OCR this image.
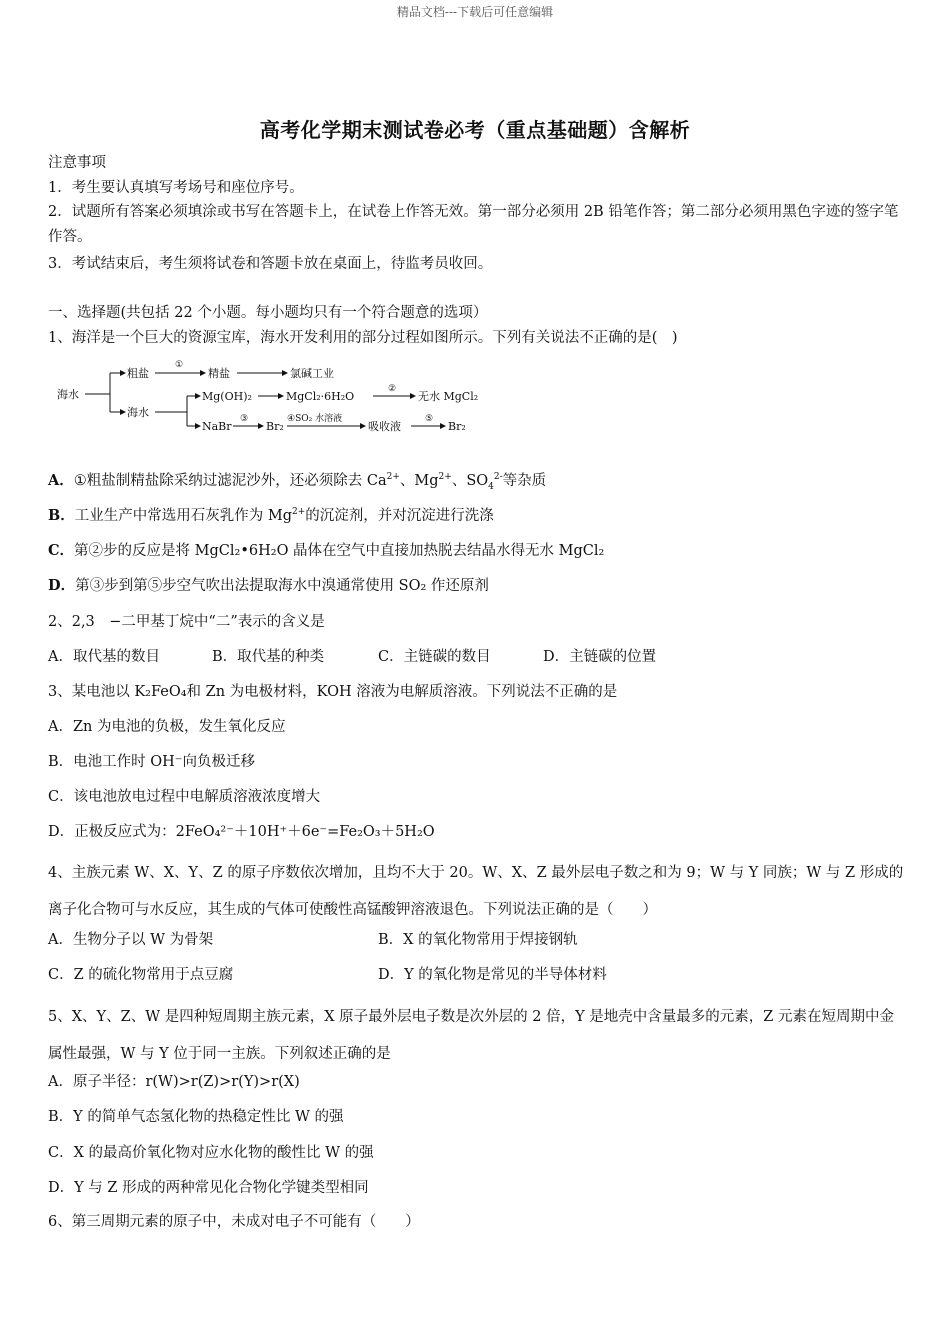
精品文档---下载后可任意编辑
高考化学期末测试卷必考（重点基础题）含解析
注意事项
1．考生要认真填写考场号和座位序号。
2．试题所有答案必须填涂或书写在答题卡上，在试卷上作答无效。第一部分必须用 2B 铅笔作答；第二部分必须用黑色字迹的签字笔作答。
3．考试结束后，考生须将试卷和答题卡放在桌面上，待监考员收回。
一、选择题(共包括 22 个小题。每小题均只有一个符合题意的选项）
1、海洋是一个巨大的资源宝库，海水开发利用的部分过程如图所示。下列有关说法不正确的是(　)
海水
粗盐
①
精盐	氯碱工业
海水
Mg(OH)₂	MgCl₂·6H₂O
②
无水 MgCl₂
NaBr
③
Br₂
④SO₂ 水溶液
吸收液
⑤
Br₂
A．①粗盐制精盐除采纳过滤泥沙外，还必须除去 $Ca^{2+}$、$Mg^{2+}$、$SO_4^{2-}$等杂质
B．工业生产中常选用石灰乳作为 $Mg^{2+}$的沉淀剂，并对沉淀进行洗涤
C．第②步的反应是将 MgCl₂•6H₂O 晶体在空气中直接加热脱去结晶水得无水 MgCl₂
D．第③步到第⑤步空气吹出法提取海水中溴通常使用 SO₂ 作还原剂
2、2,3　−二甲基丁烷中“二”表示的含义是
A．取代基的数目	B．取代基的种类	C．主链碳的数目	D．主链碳的位置
3、某电池以 K₂FeO₄和 Zn 为电极材料，KOH 溶液为电解质溶液。下列说法不正确的是
A．Zn 为电池的负极，发生氧化反应
B．电池工作时 OH⁻向负极迁移
C．该电池放电过程中电解质溶液浓度增大
D．正极反应式为：2FeO₄²⁻＋10H⁺＋6e⁻=Fe₂O₃＋5H₂O
4、主族元素 W、X、Y、Z 的原子序数依次增加，且均不大于 20。W、X、Z 最外层电子数之和为 9；W 与 Y 同族；W 与 Z 形成的离子化合物可与水反应，其生成的气体可使酸性高锰酸钾溶液退色。下列说法正确的是（　　）
A．生物分子以 W 为骨架	B．X 的氧化物常用于焊接钢轨
C．Z 的硫化物常用于点豆腐	D．Y 的氧化物是常见的半导体材料
5、X、Y、Z、W 是四种短周期主族元素，X 原子最外层电子数是次外层的 2 倍，Y 是地壳中含量最多的元素，Z 元素在短周期中金属性最强，W 与 Y 位于同一主族。下列叙述正确的是
A．原子半径：r(W)>r(Z)>r(Y)>r(X)
B．Y 的简单气态氢化物的热稳定性比 W 的强
C．X 的最高价氧化物对应水化物的酸性比 W 的强
D．Y 与 Z 形成的两种常见化合物化学键类型相同
6、第三周期元素的原子中，未成对电子不可能有（　　）
